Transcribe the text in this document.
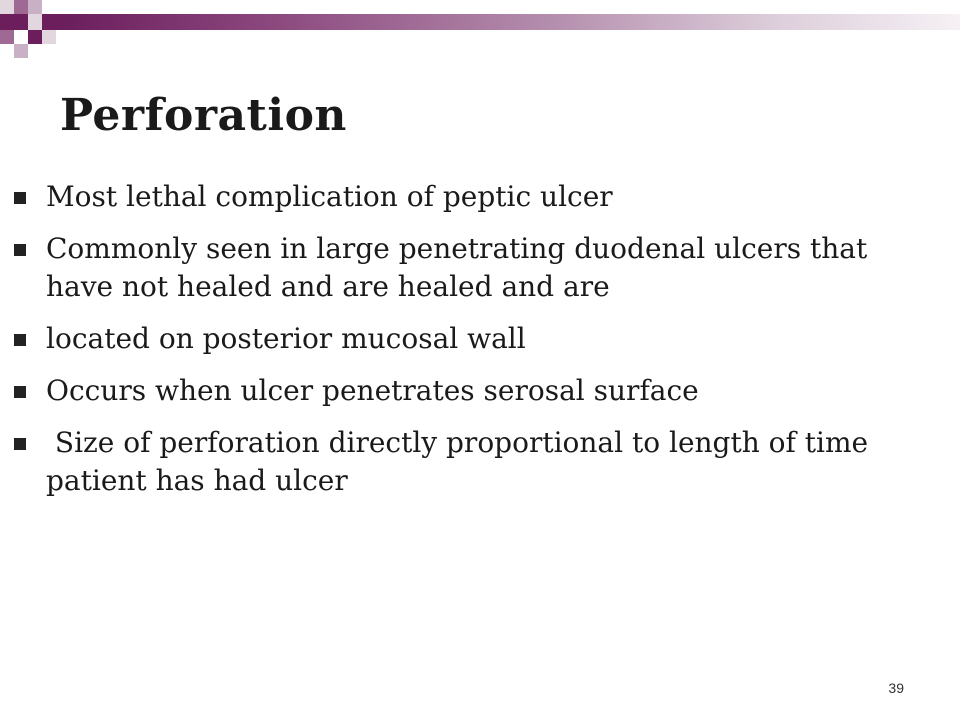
Perforation
Most lethal complication of peptic ulcer
Commonly seen in large penetrating duodenal ulcers that have not healed and are healed and are
located on posterior mucosal wall
Occurs when ulcer penetrates serosal surface
Size of perforation directly proportional to length of time patient has had ulcer
39
